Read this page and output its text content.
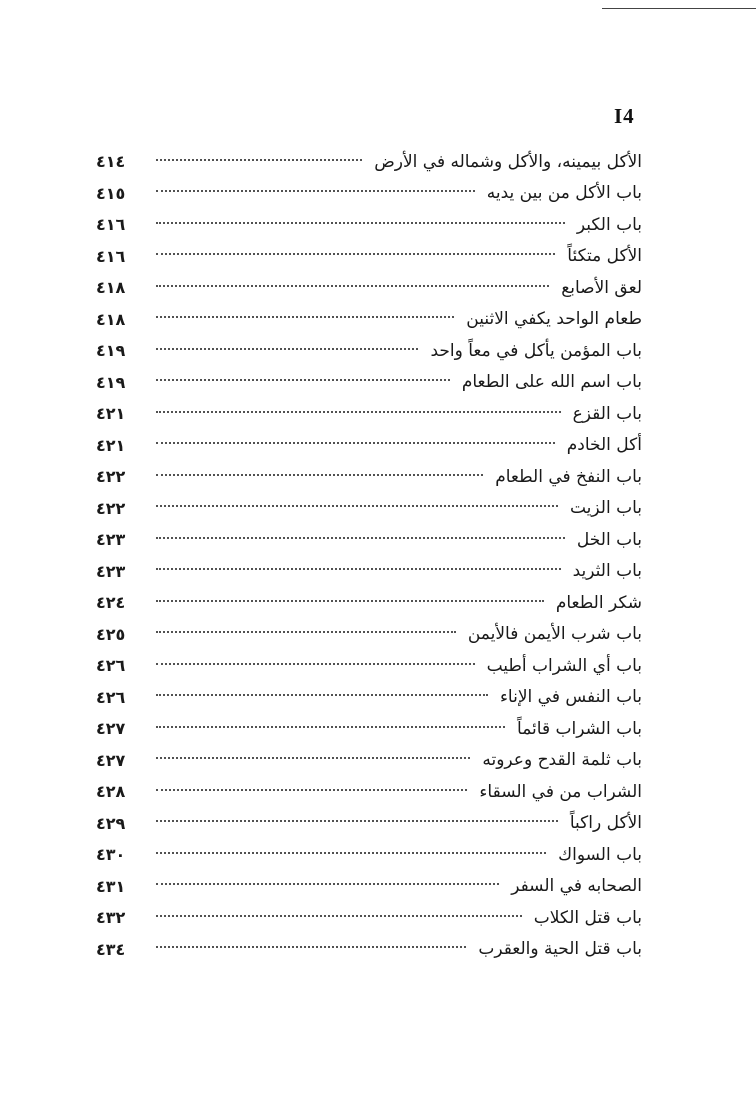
I4
الأكل بيمينه، والأكل وشماله في الأرض
٤١٤
باب الأكل من بين يديه
٤١٥
باب الكبر
٤١٦
الأكل متكئاً
٤١٦
لعق الأصابع
٤١٨
طعام الواحد يكفي الاثنين
٤١٨
باب المؤمن يأكل في معاً واحد
٤١٩
باب اسم الله على الطعام
٤١٩
باب القزع
٤٢١
أكل الخادم
٤٢١
باب النفخ في الطعام
٤٢٢
باب الزيت
٤٢٢
باب الخل
٤٢٣
باب الثريد
٤٢٣
شكر الطعام
٤٢٤
باب شرب الأيمن فالأيمن
٤٢٥
باب أي الشراب أطيب
٤٢٦
باب النفس في الإناء
٤٢٦
باب الشراب قائماً
٤٢٧
باب ثلمة القدح وعروته
٤٢٧
الشراب من في السقاء
٤٢٨
الأكل راكباً
٤٢٩
باب السواك
٤٣٠
الصحابه في السفر
٤٣١
باب قتل الكلاب
٤٣٢
باب قتل الحية والعقرب
٤٣٤
